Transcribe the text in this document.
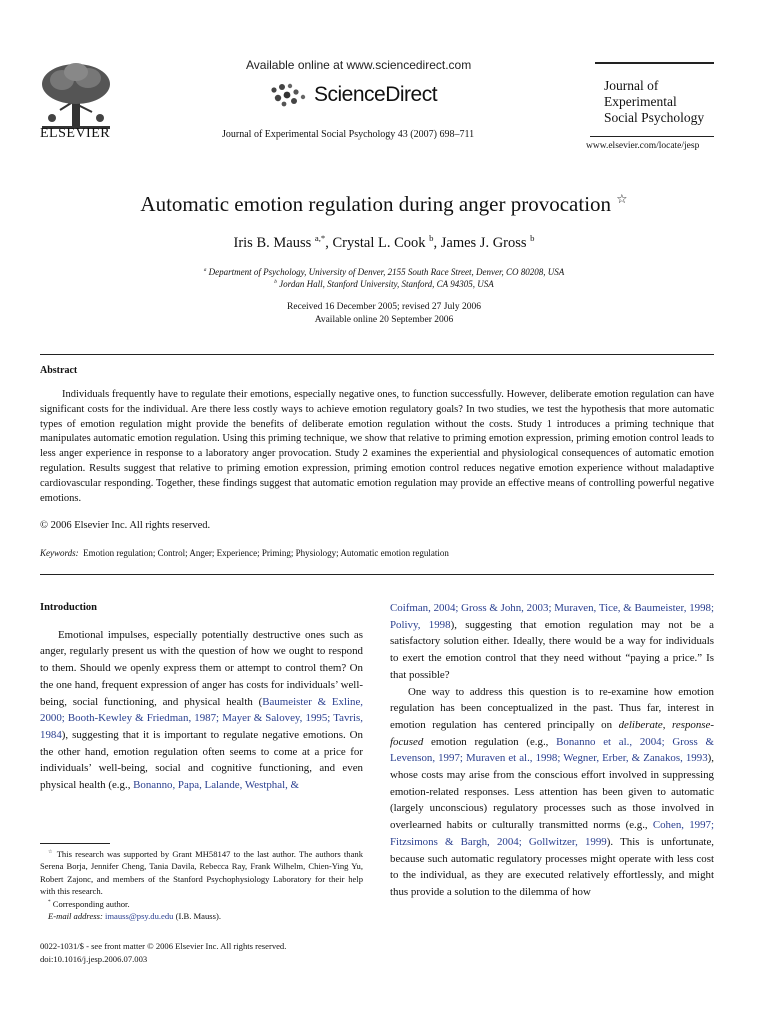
ELSEVIER
Available online at www.sciencedirect.com
ScienceDirect
Journal of Experimental Social Psychology 43 (2007) 698–711
Journal of
Experimental
Social Psychology
www.elsevier.com/locate/jesp
Automatic emotion regulation during anger provocation ☆
Iris B. Mauss $^{a,*}$, Crystal L. Cook $^b$, James J. Gross $^b$
$^a$ Department of Psychology, University of Denver, 2155 South Race Street, Denver, CO 80208, USA
$^b$ Jordan Hall, Stanford University, Stanford, CA 94305, USA
Received 16 December 2005; revised 27 July 2006
Available online 20 September 2006
Abstract
Individuals frequently have to regulate their emotions, especially negative ones, to function successfully. However, deliberate emotion regulation can have significant costs for the individual. Are there less costly ways to achieve emotion regulatory goals? In two studies, we test the hypothesis that more automatic types of emotion regulation might provide the benefits of deliberate emotion regulation without the costs. Study 1 introduces a priming technique that manipulates automatic emotion regulation. Using this priming technique, we show that relative to priming emotion expression, priming emotion control leads to less anger experience in response to a laboratory anger provocation. Study 2 examines the experiential and physiological consequences of automatic emotion regulation. Results suggest that relative to priming emotion expression, priming emotion control reduces negative emotion experience without maladaptive cardiovascular responding. Together, these findings suggest that automatic emotion regulation may provide an effective means of controlling powerful negative emotions.
© 2006 Elsevier Inc. All rights reserved.
Keywords: Emotion regulation; Control; Anger; Experience; Priming; Physiology; Automatic emotion regulation
Introduction
Emotional impulses, especially potentially destructive ones such as anger, regularly present us with the question of how we ought to respond to them. Should we openly express them or attempt to control them? On the one hand, frequent expression of anger has costs for individuals’ well-being, social functioning, and physical health (Baumeister & Exline, 2000; Booth-Kewley & Friedman, 1987; Mayer & Salovey, 1995; Tavris, 1984), suggesting that it is important to regulate negative emotions. On the other hand, emotion regulation often seems to come at a price for individuals’ well-being, social and cognitive functioning, and even physical health (e.g., Bonanno, Papa, Lalande, Westphal, &
☆ This research was supported by Grant MH58147 to the last author. The authors thank Serena Borja, Jennifer Cheng, Tania Davila, Rebecca Ray, Frank Wilhelm, Chien-Ying Yu, Robert Zajonc, and members of the Stanford Psychophysiology Laboratory for their help with this research.
* Corresponding author.
E-mail address: imauss@psy.du.edu (I.B. Mauss).
0022-1031/$ - see front matter © 2006 Elsevier Inc. All rights reserved.
doi:10.1016/j.jesp.2006.07.003
Coifman, 2004; Gross & John, 2003; Muraven, Tice, & Baumeister, 1998; Polivy, 1998), suggesting that emotion regulation may not be a satisfactory solution either. Ideally, there would be a way for individuals to exert the emotion control that they need without “paying a price.” Is that possible?
One way to address this question is to re-examine how emotion regulation has been conceptualized in the past. Thus far, interest in emotion regulation has centered principally on deliberate, response-focused emotion regulation (e.g., Bonanno et al., 2004; Gross & Levenson, 1997; Muraven et al., 1998; Wegner, Erber, & Zanakos, 1993), whose costs may arise from the conscious effort involved in suppressing emotion-related responses. Less attention has been given to automatic (largely unconscious) regulatory processes such as those involved in overlearned habits or culturally transmitted norms (e.g., Cohen, 1997; Fitzsimons & Bargh, 2004; Gollwitzer, 1999). This is unfortunate, because such automatic regulatory processes might operate with less cost to the individual, as they are executed relatively effortlessly, and might thus provide a solution to the dilemma of how
